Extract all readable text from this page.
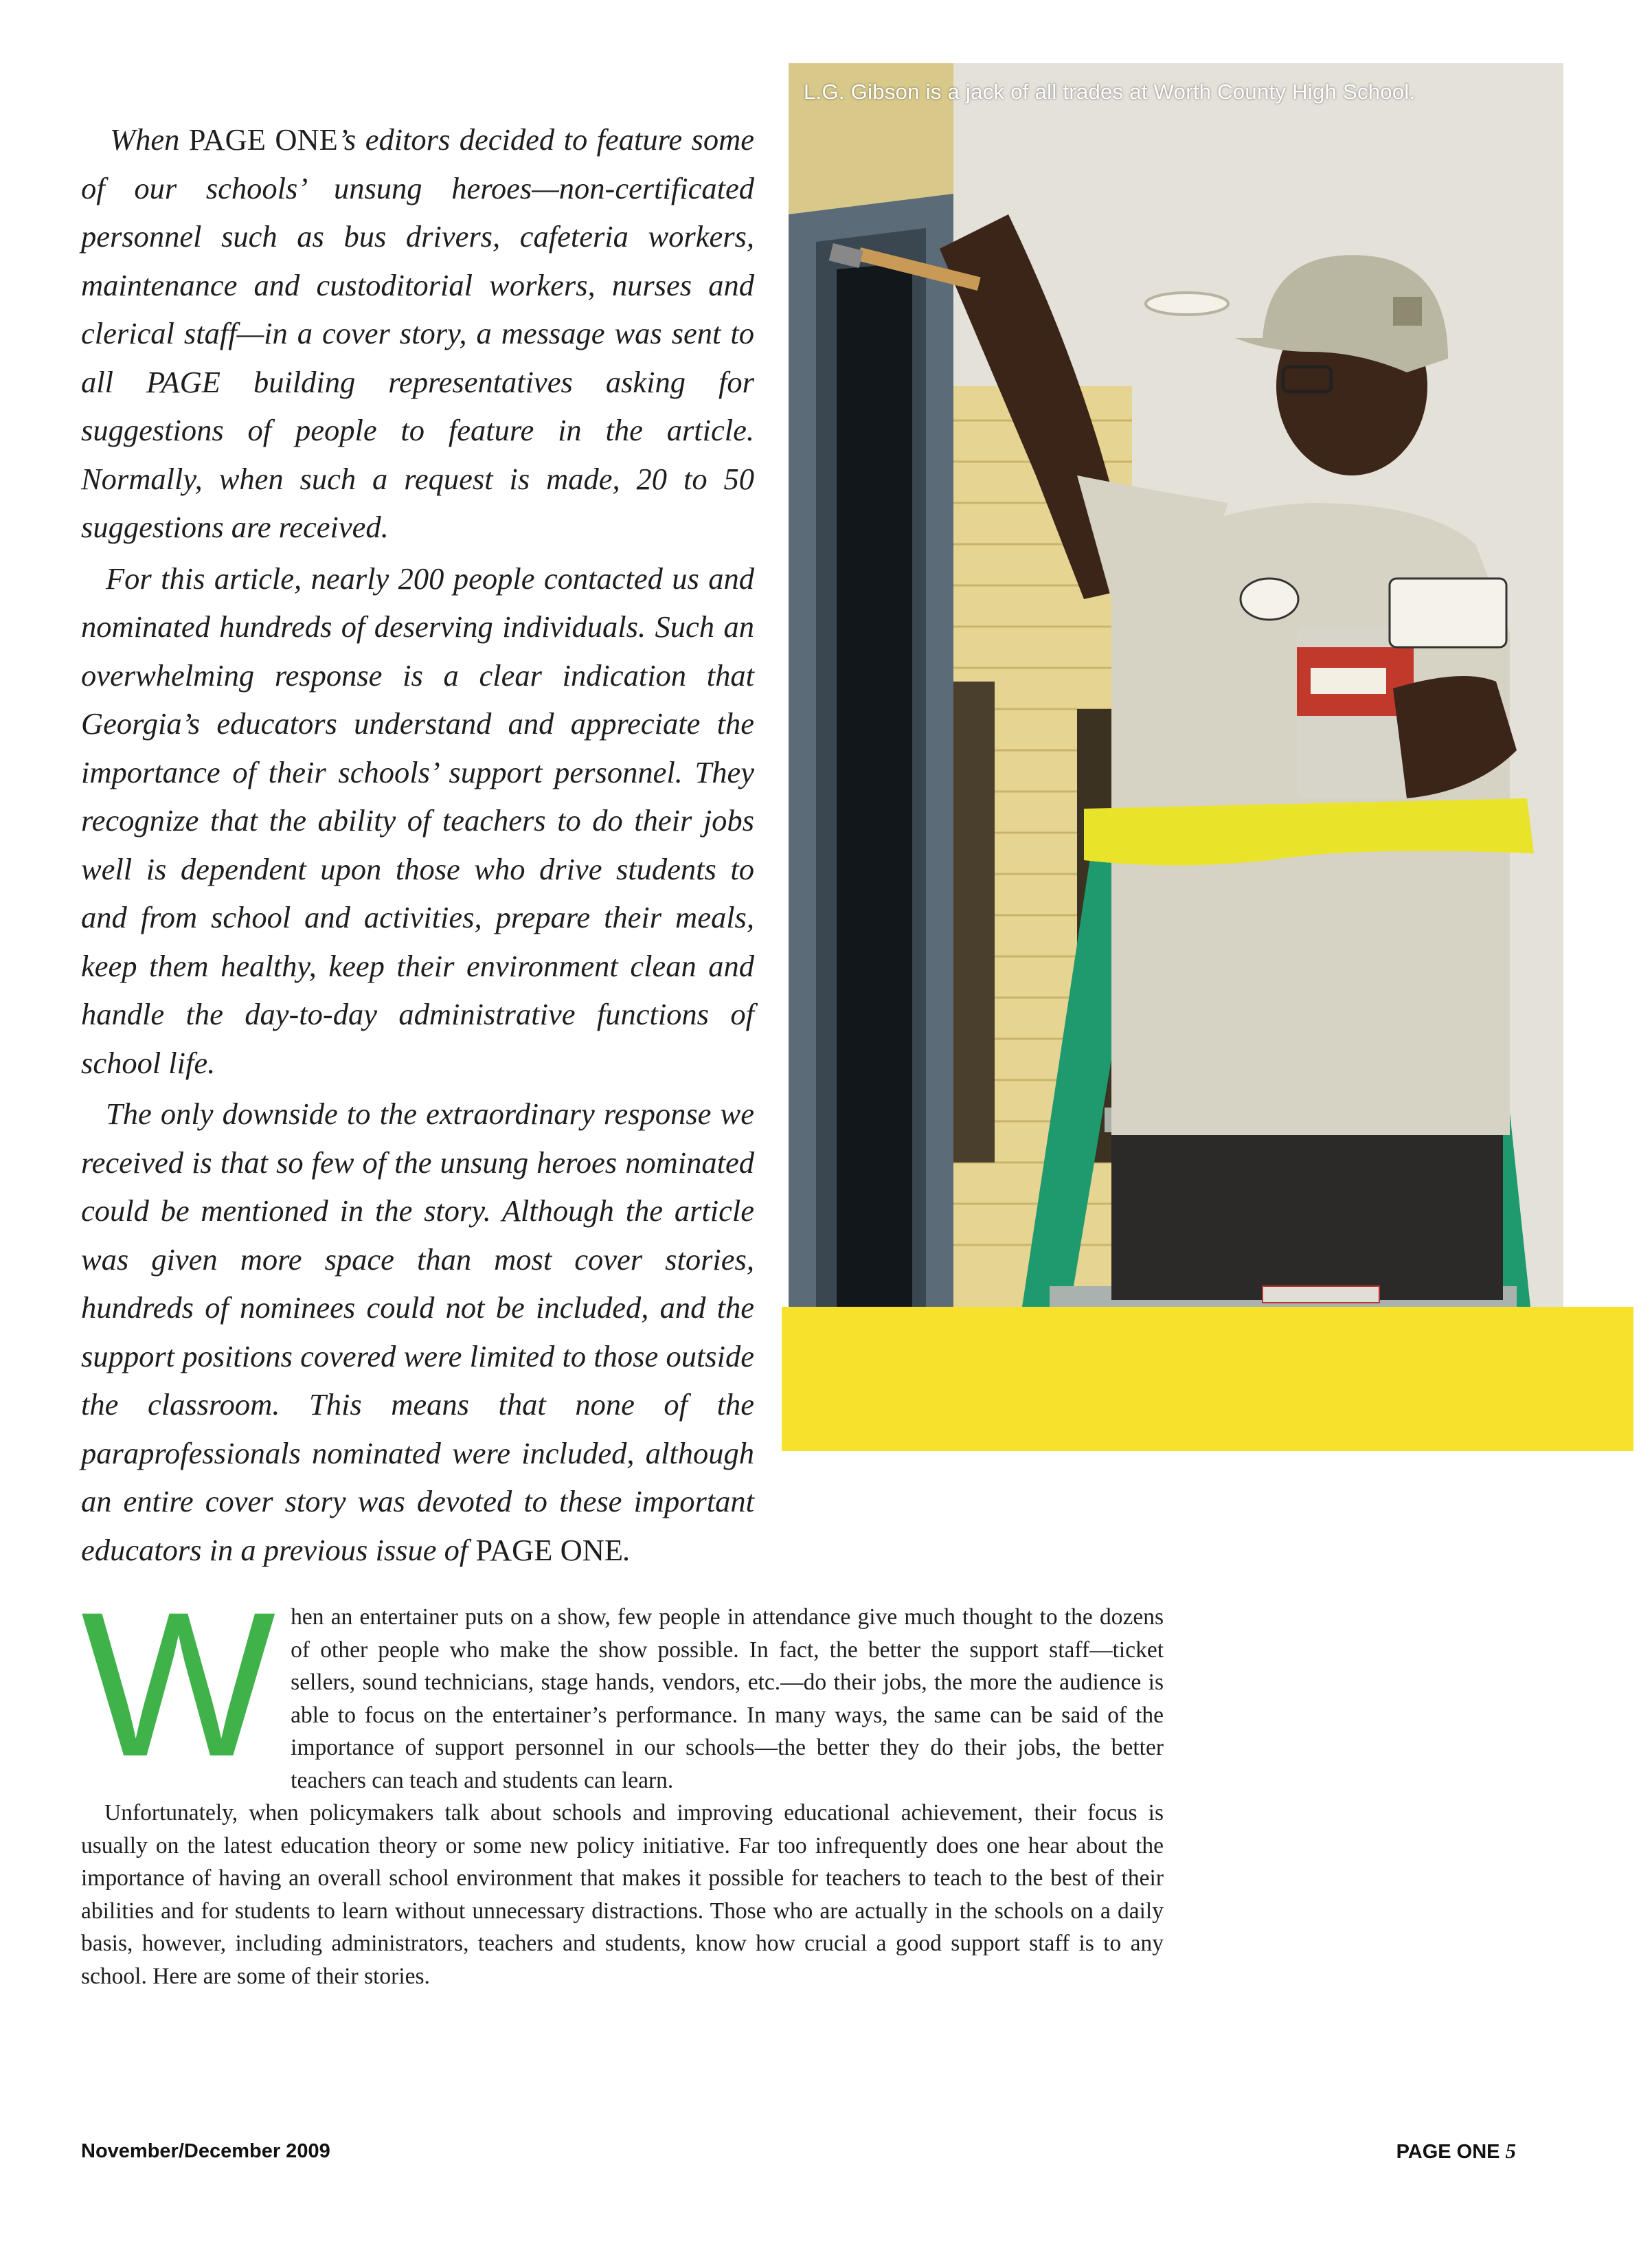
When PAGE ONE’s editors decided to feature some of our schools’ unsung heroes—non-certificated personnel such as bus drivers, cafeteria workers, maintenance and custoditorial workers, nurses and clerical staff—in a cover story, a message was sent to all PAGE building representatives asking for suggestions of people to feature in the article. Normally, when such a request is made, 20 to 50 suggestions are received.

For this article, nearly 200 people contacted us and nominated hundreds of deserving individuals. Such an overwhelming response is a clear indication that Georgia’s educators understand and appreciate the importance of their schools’ support personnel. They recognize that the ability of teachers to do their jobs well is dependent upon those who drive students to and from school and activities, prepare their meals, keep them healthy, keep their environment clean and handle the day-to-day administrative functions of school life.

The only downside to the extraordinary response we received is that so few of the unsung heroes nominated could be mentioned in the story. Although the article was given more space than most cover stories, hundreds of nominees could not be included, and the support positions covered were limited to those outside the classroom. This means that none of the paraprofessionals nominated were included, although an entire cover story was devoted to these important educators in a previous issue of PAGE ONE.

L.G. Gibson is a jack of all trades at Worth County High School.

When an entertainer puts on a show, few people in attendance give much thought to the dozens of other people who make the show possible. In fact, the better the support staff—ticket sellers, sound technicians, stage hands, vendors, etc.—do their jobs, the more the audience is able to focus on the entertainer’s performance. In many ways, the same can be said of the importance of support personnel in our schools—the better they do their jobs, the better teachers can teach and students can learn.

Unfortunately, when policymakers talk about schools and improving educational achievement, their focus is usually on the latest education theory or some new policy initiative. Far too infrequently does one hear about the importance of having an overall school environment that makes it possible for teachers to teach to the best of their abilities and for students to learn without unnecessary distractions. Those who are actually in the schools on a daily basis, however, including administrators, teachers and students, know how crucial a good support staff is to any school. Here are some of their stories.

November/December 2009	PAGE ONE 5
